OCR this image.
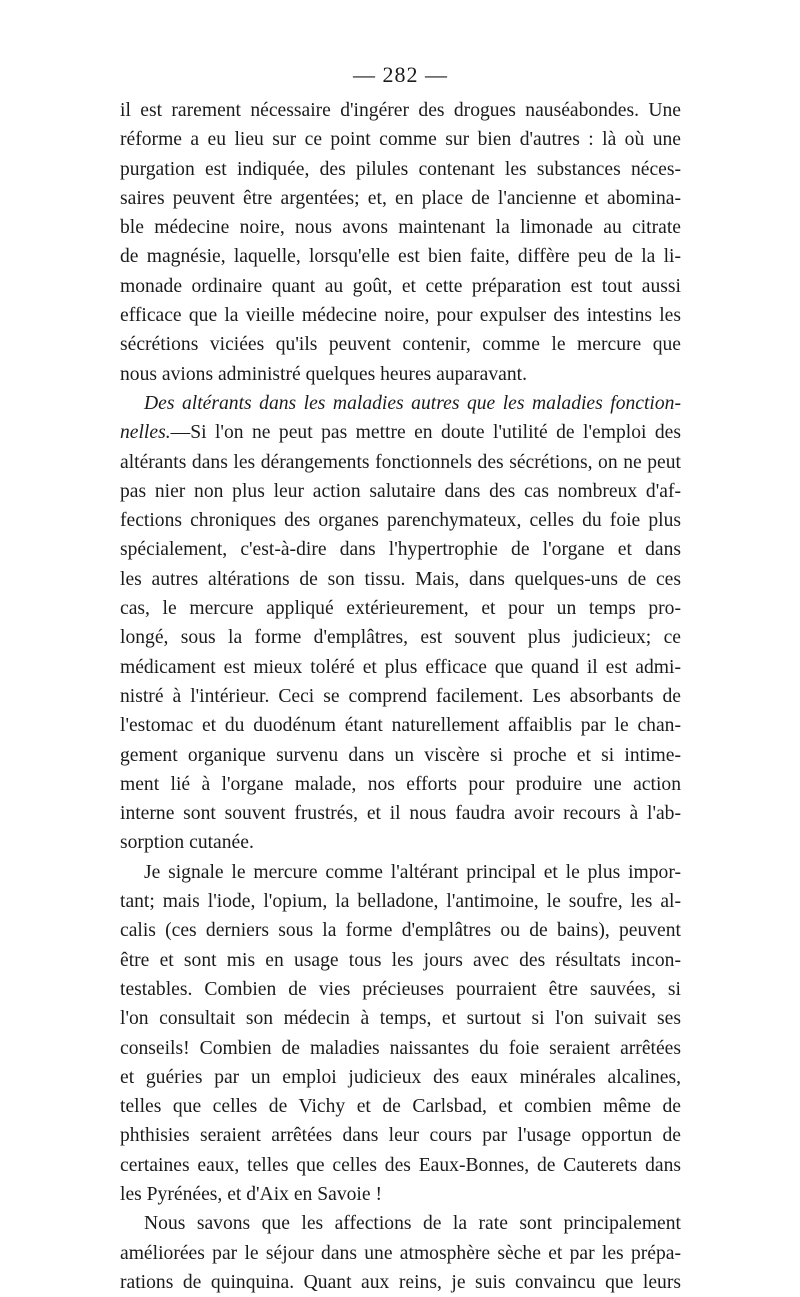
— 282 —
il est rarement nécessaire d'ingérer des drogues nauséabondes. Une
réforme a eu lieu sur ce point comme sur bien d'autres : là où une
purgation est indiquée, des pilules contenant les substances néces-
saires peuvent être argentées; et, en place de l'ancienne et abomina-
ble médecine noire, nous avons maintenant la limonade au citrate
de magnésie, laquelle, lorsqu'elle est bien faite, diffère peu de la li-
monade ordinaire quant au goût, et cette préparation est tout aussi
efficace que la vieille médecine noire, pour expulser des intestins les
sécrétions viciées qu'ils peuvent contenir, comme le mercure que
nous avions administré quelques heures auparavant.
Des altérants dans les maladies autres que les maladies fonction-
nelles.—Si l'on ne peut pas mettre en doute l'utilité de l'emploi des
altérants dans les dérangements fonctionnels des sécrétions, on ne peut
pas nier non plus leur action salutaire dans des cas nombreux d'af-
fections chroniques des organes parenchymateux, celles du foie plus
spécialement, c'est-à-dire dans l'hypertrophie de l'organe et dans
les autres altérations de son tissu. Mais, dans quelques-uns de ces
cas, le mercure appliqué extérieurement, et pour un temps pro-
longé, sous la forme d'emplâtres, est souvent plus judicieux; ce
médicament est mieux toléré et plus efficace que quand il est admi-
nistré à l'intérieur. Ceci se comprend facilement. Les absorbants de
l'estomac et du duodénum étant naturellement affaiblis par le chan-
gement organique survenu dans un viscère si proche et si intime-
ment lié à l'organe malade, nos efforts pour produire une action
interne sont souvent frustrés, et il nous faudra avoir recours à l'ab-
sorption cutanée.
Je signale le mercure comme l'altérant principal et le plus impor-
tant; mais l'iode, l'opium, la belladone, l'antimoine, le soufre, les al-
calis (ces derniers sous la forme d'emplâtres ou de bains), peuvent
être et sont mis en usage tous les jours avec des résultats incon-
testables. Combien de vies précieuses pourraient être sauvées, si
l'on consultait son médecin à temps, et surtout si l'on suivait ses
conseils! Combien de maladies naissantes du foie seraient arrêtées
et guéries par un emploi judicieux des eaux minérales alcalines,
telles que celles de Vichy et de Carlsbad, et combien même de
phthisies seraient arrêtées dans leur cours par l'usage opportun de
certaines eaux, telles que celles des Eaux-Bonnes, de Cauterets dans
les Pyrénées, et d'Aix en Savoie !
Nous savons que les affections de la rate sont principalement
améliorées par le séjour dans une atmosphère sèche et par les prépa-
rations de quinquina. Quant aux reins, je suis convaincu que leurs
